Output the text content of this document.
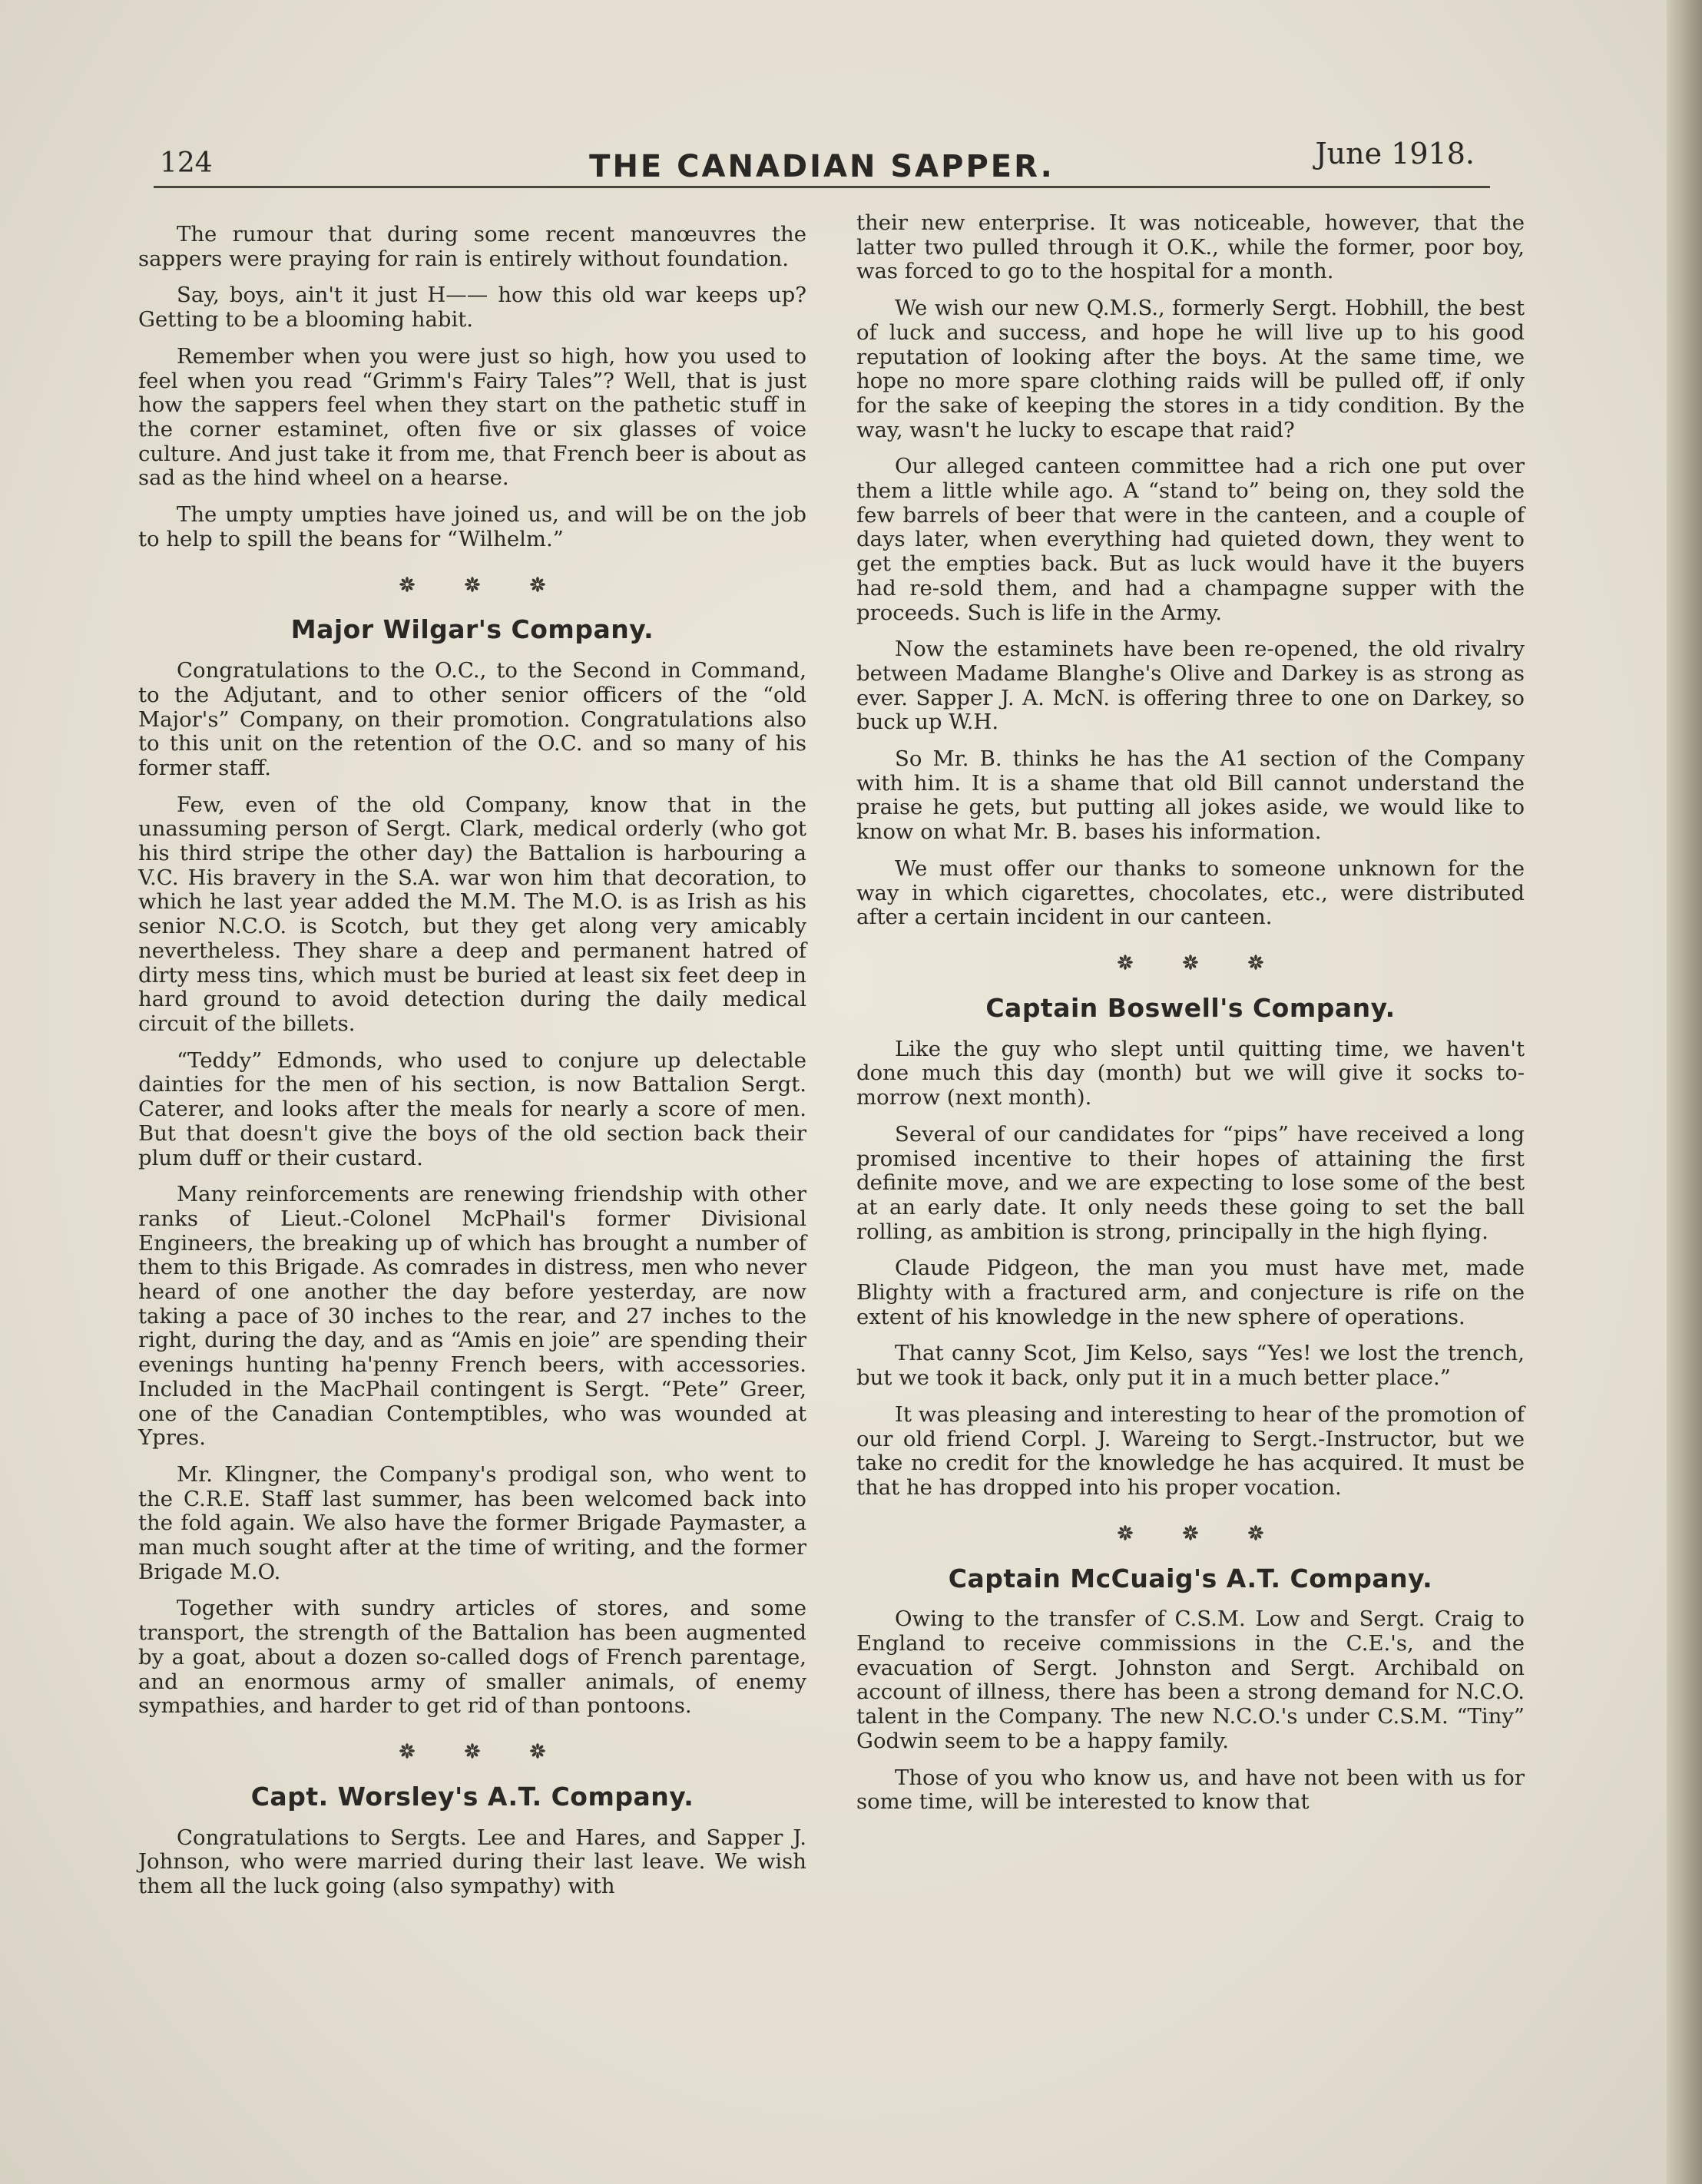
124	THE CANADIAN SAPPER.	June 1918.

The rumour that during some recent manœuvres the sappers were praying for rain is entirely without foundation.

Say, boys, ain't it just H—— how this old war keeps up? Getting to be a blooming habit.

Remember when you were just so high, how you used to feel when you read “Grimm's Fairy Tales”? Well, that is just how the sappers feel when they start on the pathetic stuff in the corner estaminet, often five or six glasses of voice culture. And just take it from me, that French beer is about as sad as the hind wheel on a hearse.

The umpty umpties have joined us, and will be on the job to help to spill the beans for “Wilhelm.”

Major Wilgar's Company.

Congratulations to the O.C., to the Second in Command, to the Adjutant, and to other senior officers of the “old Major's” Company, on their promotion. Congratulations also to this unit on the retention of the O.C. and so many of his former staff.

Few, even of the old Company, know that in the unassuming person of Sergt. Clark, medical orderly (who got his third stripe the other day) the Battalion is harbouring a V.C. His bravery in the S.A. war won him that decoration, to which he last year added the M.M. The M.O. is as Irish as his senior N.C.O. is Scotch, but they get along very amicably nevertheless. They share a deep and permanent hatred of dirty mess tins, which must be buried at least six feet deep in hard ground to avoid detection during the daily medical circuit of the billets.

“Teddy” Edmonds, who used to conjure up delectable dainties for the men of his section, is now Battalion Sergt. Caterer, and looks after the meals for nearly a score of men. But that doesn't give the boys of the old section back their plum duff or their custard.

Many reinforcements are renewing friendship with other ranks of Lieut.-Colonel McPhail's former Divisional Engineers, the breaking up of which has brought a number of them to this Brigade. As comrades in distress, men who never heard of one another the day before yesterday, are now taking a pace of 30 inches to the rear, and 27 inches to the right, during the day, and as “Amis en joie” are spending their evenings hunting ha'penny French beers, with accessories. Included in the MacPhail contingent is Sergt. “Pete” Greer, one of the Canadian Contemptibles, who was wounded at Ypres.

Mr. Klingner, the Company's prodigal son, who went to the C.R.E. Staff last summer, has been welcomed back into the fold again. We also have the former Brigade Paymaster, a man much sought after at the time of writing, and the former Brigade M.O.

Together with sundry articles of stores, and some transport, the strength of the Battalion has been augmented by a goat, about a dozen so-called dogs of French parentage, and an enormous army of smaller animals, of enemy sympathies, and harder to get rid of than pontoons.

Capt. Worsley's A.T. Company.

Congratulations to Sergts. Lee and Hares, and Sapper J. Johnson, who were married during their last leave. We wish them all the luck going (also sympathy) with

their new enterprise. It was noticeable, however, that the latter two pulled through it O.K., while the former, poor boy, was forced to go to the hospital for a month.

We wish our new Q.M.S., formerly Sergt. Hobhill, the best of luck and success, and hope he will live up to his good reputation of looking after the boys. At the same time, we hope no more spare clothing raids will be pulled off, if only for the sake of keeping the stores in a tidy condition. By the way, wasn't he lucky to escape that raid?

Our alleged canteen committee had a rich one put over them a little while ago. A “stand to” being on, they sold the few barrels of beer that were in the canteen, and a couple of days later, when everything had quieted down, they went to get the empties back. But as luck would have it the buyers had re-sold them, and had a champagne supper with the proceeds. Such is life in the Army.

Now the estaminets have been re-opened, the old rivalry between Madame Blanghe's Olive and Darkey is as strong as ever. Sapper J. A. McN. is offering three to one on Darkey, so buck up W.H.

So Mr. B. thinks he has the A1 section of the Company with him. It is a shame that old Bill cannot understand the praise he gets, but putting all jokes aside, we would like to know on what Mr. B. bases his information.

We must offer our thanks to someone unknown for the way in which cigarettes, chocolates, etc., were distributed after a certain incident in our canteen.

Captain Boswell's Company.

Like the guy who slept until quitting time, we haven't done much this day (month) but we will give it socks to-morrow (next month).

Several of our candidates for “pips” have received a long promised incentive to their hopes of attaining the first definite move, and we are expecting to lose some of the best at an early date. It only needs these going to set the ball rolling, as ambition is strong, principally in the high flying.

Claude Pidgeon, the man you must have met, made Blighty with a fractured arm, and conjecture is rife on the extent of his knowledge in the new sphere of operations.

That canny Scot, Jim Kelso, says “Yes! we lost the trench, but we took it back, only put it in a much better place.”

It was pleasing and interesting to hear of the promotion of our old friend Corpl. J. Wareing to Sergt.-Instructor, but we take no credit for the knowledge he has acquired. It must be that he has dropped into his proper vocation.

Captain McCuaig's A.T. Company.

Owing to the transfer of C.S.M. Low and Sergt. Craig to England to receive commissions in the C.E.'s, and the evacuation of Sergt. Johnston and Sergt. Archibald on account of illness, there has been a strong demand for N.C.O. talent in the Company. The new N.C.O.'s under C.S.M. “Tiny” Godwin seem to be a happy family.

Those of you who know us, and have not been with us for some time, will be interested to know that
